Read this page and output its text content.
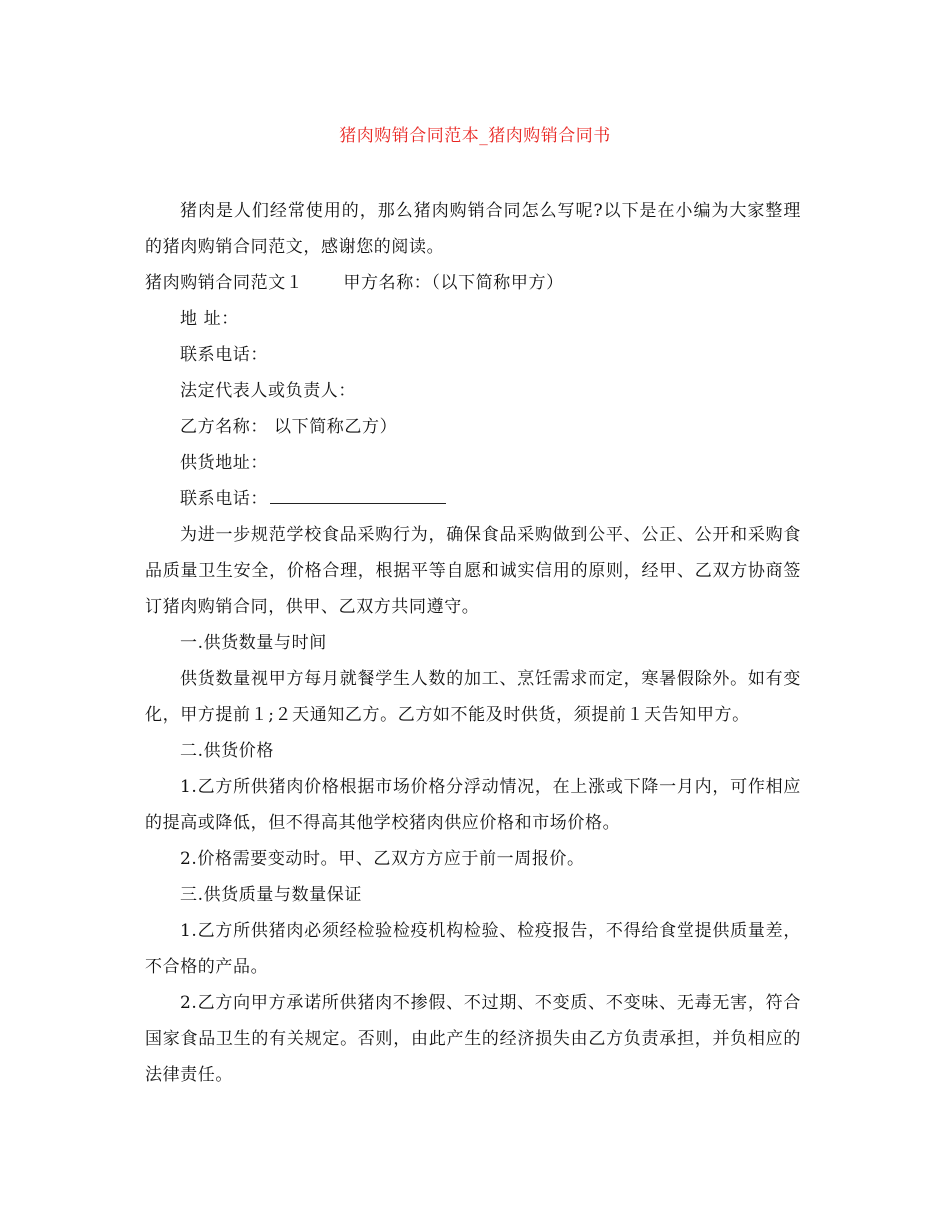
猪肉购销合同范本_猪肉购销合同书

猪肉是人们经常使用的，那么猪肉购销合同怎么写呢?以下是在小编为大家整理的猪肉购销合同范文，感谢您的阅读。

猪肉购销合同范文１ 甲方名称：（以下简称甲方）

地 址：

联系电话：

法定代表人或负责人：

乙方名称： 以下简称乙方）

供货地址：

联系电话：

为进一步规范学校食品采购行为，确保食品采购做到公平、公正、公开和采购食品质量卫生安全，价格合理，根据平等自愿和诚实信用的原则，经甲、乙双方协商签订猪肉购销合同，供甲、乙双方共同遵守。

一.供货数量与时间

供货数量视甲方每月就餐学生人数的加工、烹饪需求而定，寒暑假除外。如有变化，甲方提前１;２天通知乙方。乙方如不能及时供货，须提前１天告知甲方。

二.供货价格

1.乙方所供猪肉价格根据市场价格分浮动情况，在上涨或下降一月内，可作相应的提高或降低，但不得高其他学校猪肉供应价格和市场价格。

2.价格需要变动时。甲、乙双方方应于前一周报价。

三.供货质量与数量保证

1.乙方所供猪肉必须经检验检疫机构检验、检疫报告，不得给食堂提供质量差，不合格的产品。

2.乙方向甲方承诺所供猪肉不掺假、不过期、不变质、不变味、无毒无害，符合国家食品卫生的有关规定。否则，由此产生的经济损失由乙方负责承担，并负相应的法律责任。
